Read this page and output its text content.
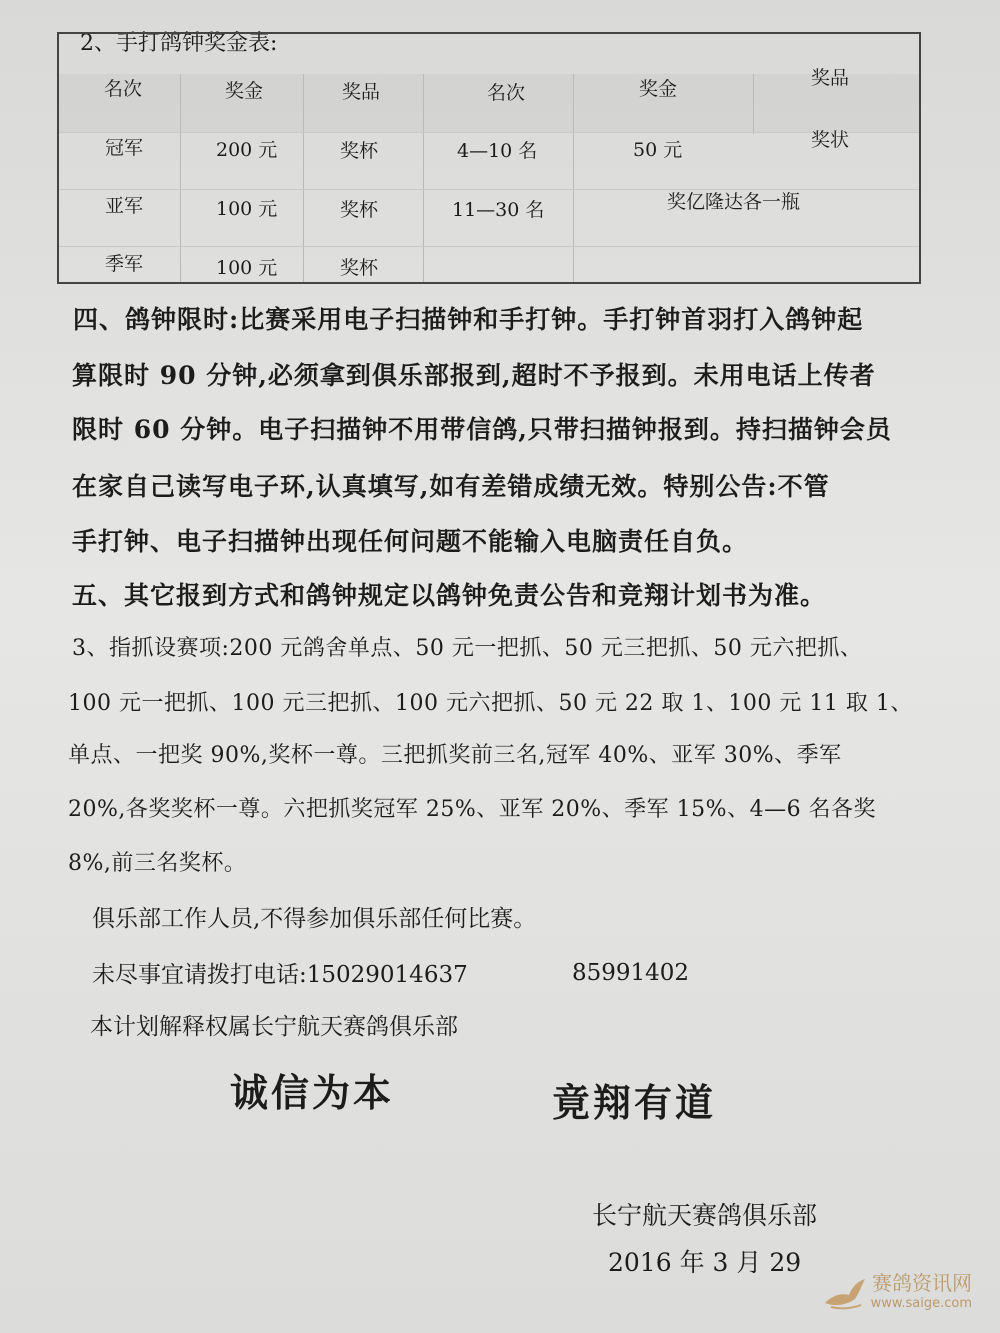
2、手打鸽钟奖金表:
名次	奖金	奖品	名次	奖金	奖品
冠军	200 元	奖杯	4—10 名	50 元	奖状
亚军	100 元	奖杯	11—30 名	奖亿隆达各一瓶
季军	100 元	奖杯
四、鸽钟限时:比赛采用电子扫描钟和手打钟。手打钟首羽打入鸽钟起
算限时 90 分钟,必须拿到俱乐部报到,超时不予报到。未用电话上传者
限时 60 分钟。电子扫描钟不用带信鸽,只带扫描钟报到。持扫描钟会员
在家自己读写电子环,认真填写,如有差错成绩无效。特别公告:不管
手打钟、电子扫描钟出现任何问题不能输入电脑责任自负。
五、其它报到方式和鸽钟规定以鸽钟免责公告和竞翔计划书为准。
3、指抓设赛项:200 元鸽舍单点、50 元一把抓、50 元三把抓、50 元六把抓、
100 元一把抓、100 元三把抓、100 元六把抓、50 元 22 取 1、100 元 11 取 1、
单点、一把奖 90%,奖杯一尊。三把抓奖前三名,冠军 40%、亚军 30%、季军
20%,各奖奖杯一尊。六把抓奖冠军 25%、亚军 20%、季军 15%、4—6 名各奖
8%,前三名奖杯。
俱乐部工作人员,不得参加俱乐部任何比赛。
未尽事宜请拨打电话:15029014637	85991402
本计划解释权属长宁航天赛鸽俱乐部
诚信为本	竟翔有道
长宁航天赛鸽俱乐部
2016 年 3 月 29
赛鸽资讯网
www.saige.com
